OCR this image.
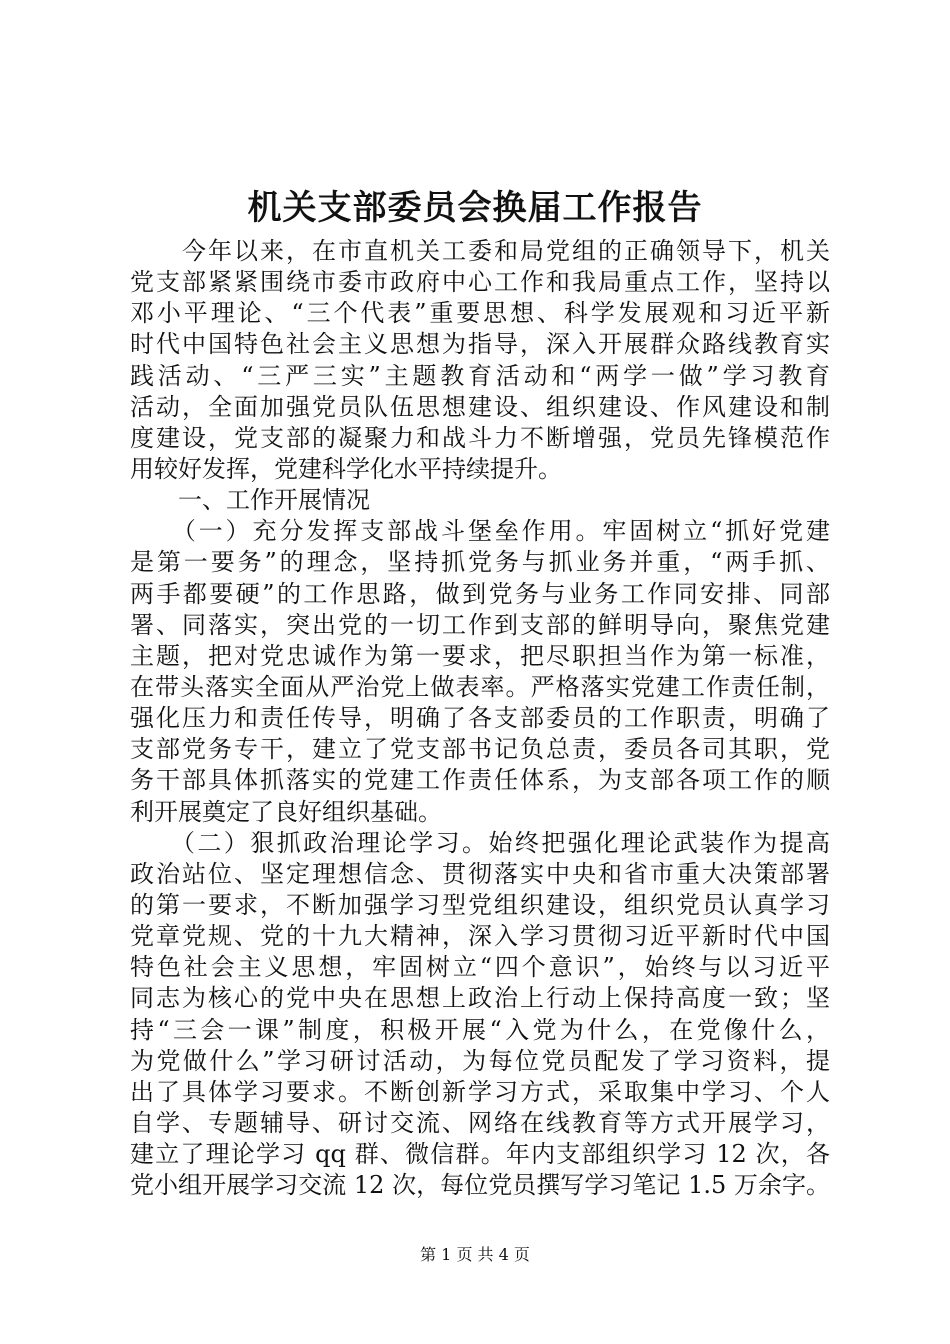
机关支部委员会换届工作报告
　　今年以来，在市直机关工委和局党组的正确领导下，机关
党支部紧紧围绕市委市政府中心工作和我局重点工作，坚持以
邓小平理论、“三个代表”重要思想、科学发展观和习近平新
时代中国特色社会主义思想为指导，深入开展群众路线教育实
践活动、“三严三实”主题教育活动和“两学一做”学习教育
活动，全面加强党员队伍思想建设、组织建设、作风建设和制
度建设，党支部的凝聚力和战斗力不断增强，党员先锋模范作
用较好发挥，党建科学化水平持续提升。
　　一、工作开展情况
　　（一）充分发挥支部战斗堡垒作用。牢固树立“抓好党建
是第一要务”的理念，坚持抓党务与抓业务并重，“两手抓、
两手都要硬”的工作思路，做到党务与业务工作同安排、同部
署、同落实，突出党的一切工作到支部的鲜明导向，聚焦党建
主题，把对党忠诚作为第一要求，把尽职担当作为第一标准，
在带头落实全面从严治党上做表率。严格落实党建工作责任制，
强化压力和责任传导，明确了各支部委员的工作职责，明确了
支部党务专干，建立了党支部书记负总责，委员各司其职，党
务干部具体抓落实的党建工作责任体系，为支部各项工作的顺
利开展奠定了良好组织基础。
　　（二）狠抓政治理论学习。始终把强化理论武装作为提高
政治站位、坚定理想信念、贯彻落实中央和省市重大决策部署
的第一要求，不断加强学习型党组织建设，组织党员认真学习
党章党规、党的十九大精神，深入学习贯彻习近平新时代中国
特色社会主义思想，牢固树立“四个意识”，始终与以习近平
同志为核心的党中央在思想上政治上行动上保持高度一致；坚
持“三会一课”制度，积极开展“入党为什么，在党像什么，
为党做什么”学习研讨活动，为每位党员配发了学习资料，提
出了具体学习要求。不断创新学习方式，采取集中学习、个人
自学、专题辅导、研讨交流、网络在线教育等方式开展学习，
建立了理论学习 qq 群、微信群。年内支部组织学习 12 次，各
党小组开展学习交流 12 次，每位党员撰写学习笔记 1.5 万余字。
第 1 页 共 4 页
